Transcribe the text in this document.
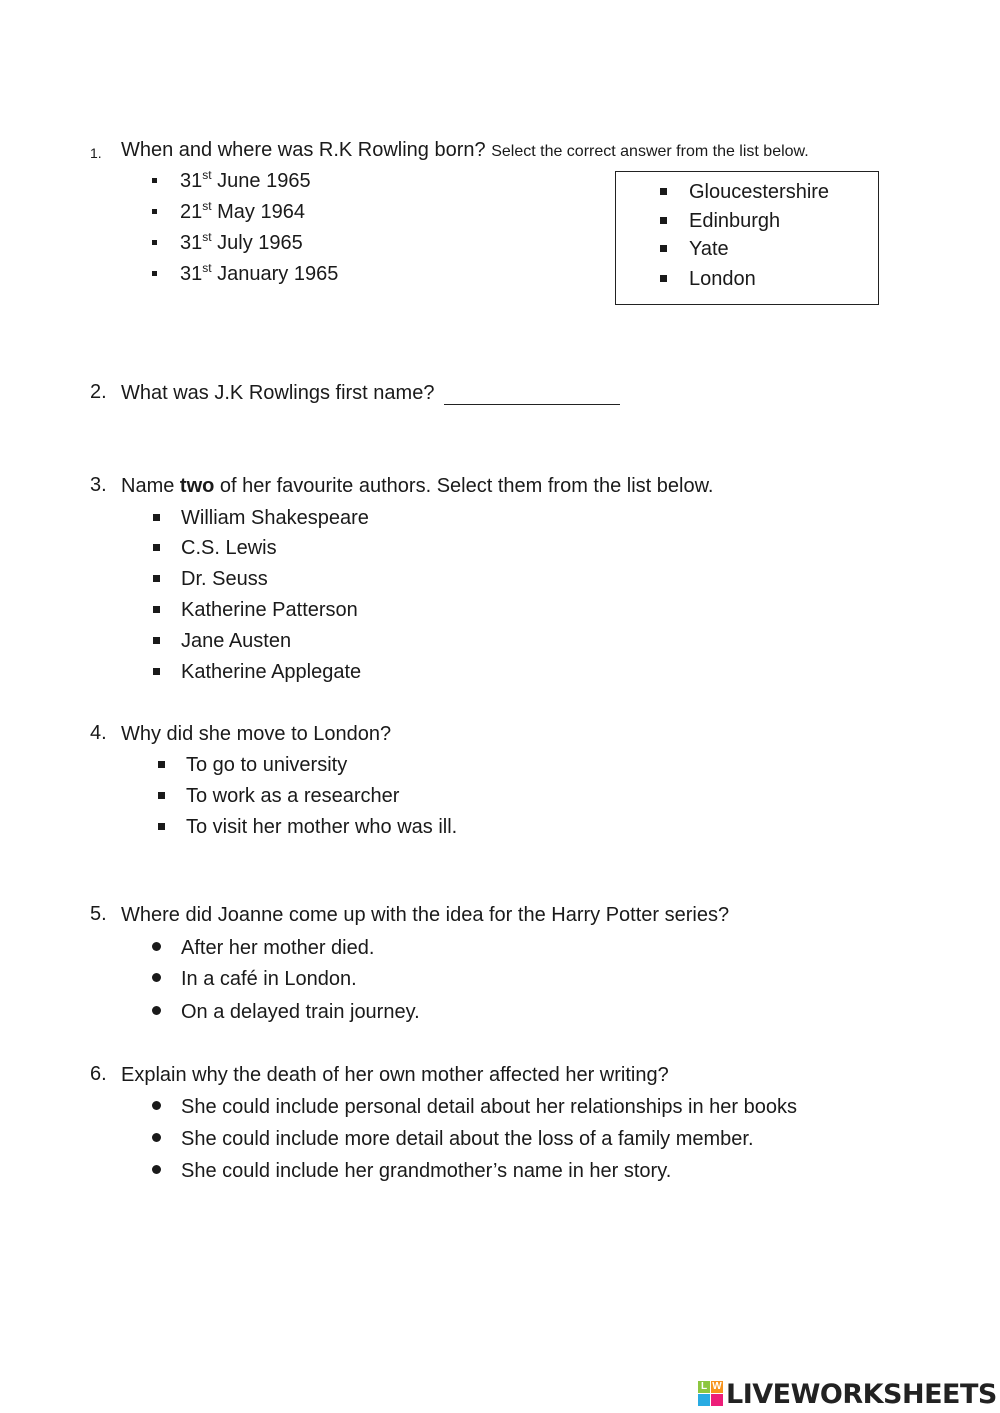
1. When and where was R.K Rowling born? Select the correct answer from the list below.
31st June 1965
21st May 1964
31st July 1965
31st January 1965
Gloucestershire
Edinburgh
Yate
London
2. What was J.K Rowlings first name?
3. Name two of her favourite authors. Select them from the list below.
William Shakespeare
C.S. Lewis
Dr. Seuss
Katherine Patterson
Jane Austen
Katherine Applegate
4. Why did she move to London?
To go to university
To work as a researcher
To visit her mother who was ill.
5. Where did Joanne come up with the idea for the Harry Potter series?
After her mother died.
In a café in London.
On a delayed train journey.
6. Explain why the death of her own mother affected her writing?
She could include personal detail about her relationships in her books
She could include more detail about the loss of a family member.
She could include her grandmother’s name in her story.
L W LIVEWORKSHEETS
